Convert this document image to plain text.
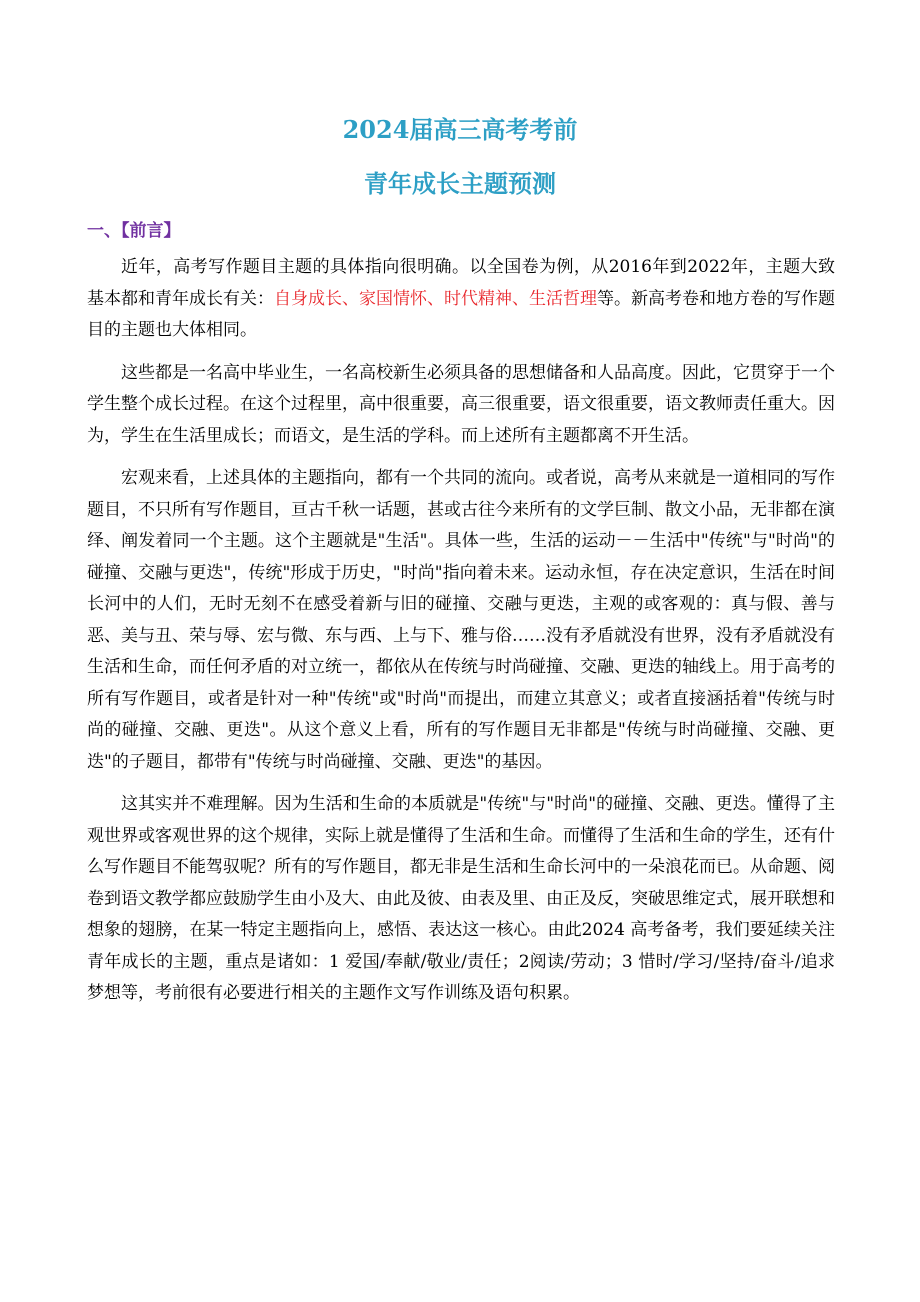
2024届高三高考考前
青年成长主题预测
一、【前言】

近年，高考写作题目主题的具体指向很明确。以全国卷为例，从2016年到2022年，主题大致基本都和青年成长有关：自身成长、家国情怀、时代精神、生活哲理等。新高考卷和地方卷的写作题目的主题也大体相同。

这些都是一名高中毕业生，一名高校新生必须具备的思想储备和人品高度。因此，它贯穿于一个学生整个成长过程。在这个过程里，高中很重要，高三很重要，语文很重要，语文教师责任重大。因为，学生在生活里成长；而语文，是生活的学科。而上述所有主题都离不开生活。

宏观来看，上述具体的主题指向，都有一个共同的流向。或者说，高考从来就是一道相同的写作题目，不只所有写作题目，亘古千秋一话题，甚或古往今来所有的文学巨制、散文小品，无非都在演绎、阐发着同一个主题。这个主题就是"生活"。具体一些，生活的运动－－生活中"传统"与"时尚"的碰撞、交融与更迭"，传统"形成于历史，"时尚"指向着未来。运动永恒，存在决定意识，生活在时间长河中的人们，无时无刻不在感受着新与旧的碰撞、交融与更迭，主观的或客观的：真与假、善与恶、美与丑、荣与辱、宏与微、东与西、上与下、雅与俗……没有矛盾就没有世界，没有矛盾就没有生活和生命，而任何矛盾的对立统一，都依从在传统与时尚碰撞、交融、更迭的轴线上。用于高考的所有写作题目，或者是针对一种"传统"或"时尚"而提出，而建立其意义；或者直接涵括着"传统与时尚的碰撞、交融、更迭"。从这个意义上看，所有的写作题目无非都是"传统与时尚碰撞、交融、更迭"的子题目，都带有"传统与时尚碰撞、交融、更迭"的基因。

这其实并不难理解。因为生活和生命的本质就是"传统"与"时尚"的碰撞、交融、更迭。懂得了主观世界或客观世界的这个规律，实际上就是懂得了生活和生命。而懂得了生活和生命的学生，还有什么写作题目不能驾驭呢？所有的写作题目，都无非是生活和生命长河中的一朵浪花而已。从命题、阅卷到语文教学都应鼓励学生由小及大、由此及彼、由表及里、由正及反，突破思维定式，展开联想和想象的翅膀，在某一特定主题指向上，感悟、表达这一核心。由此2024 高考备考，我们要延续关注青年成长的主题，重点是诸如：1 爱国/奉献/敬业/责任；2阅读/劳动；3 惜时/学习/坚持/奋斗/追求梦想等，考前很有必要进行相关的主题作文写作训练及语句积累。
